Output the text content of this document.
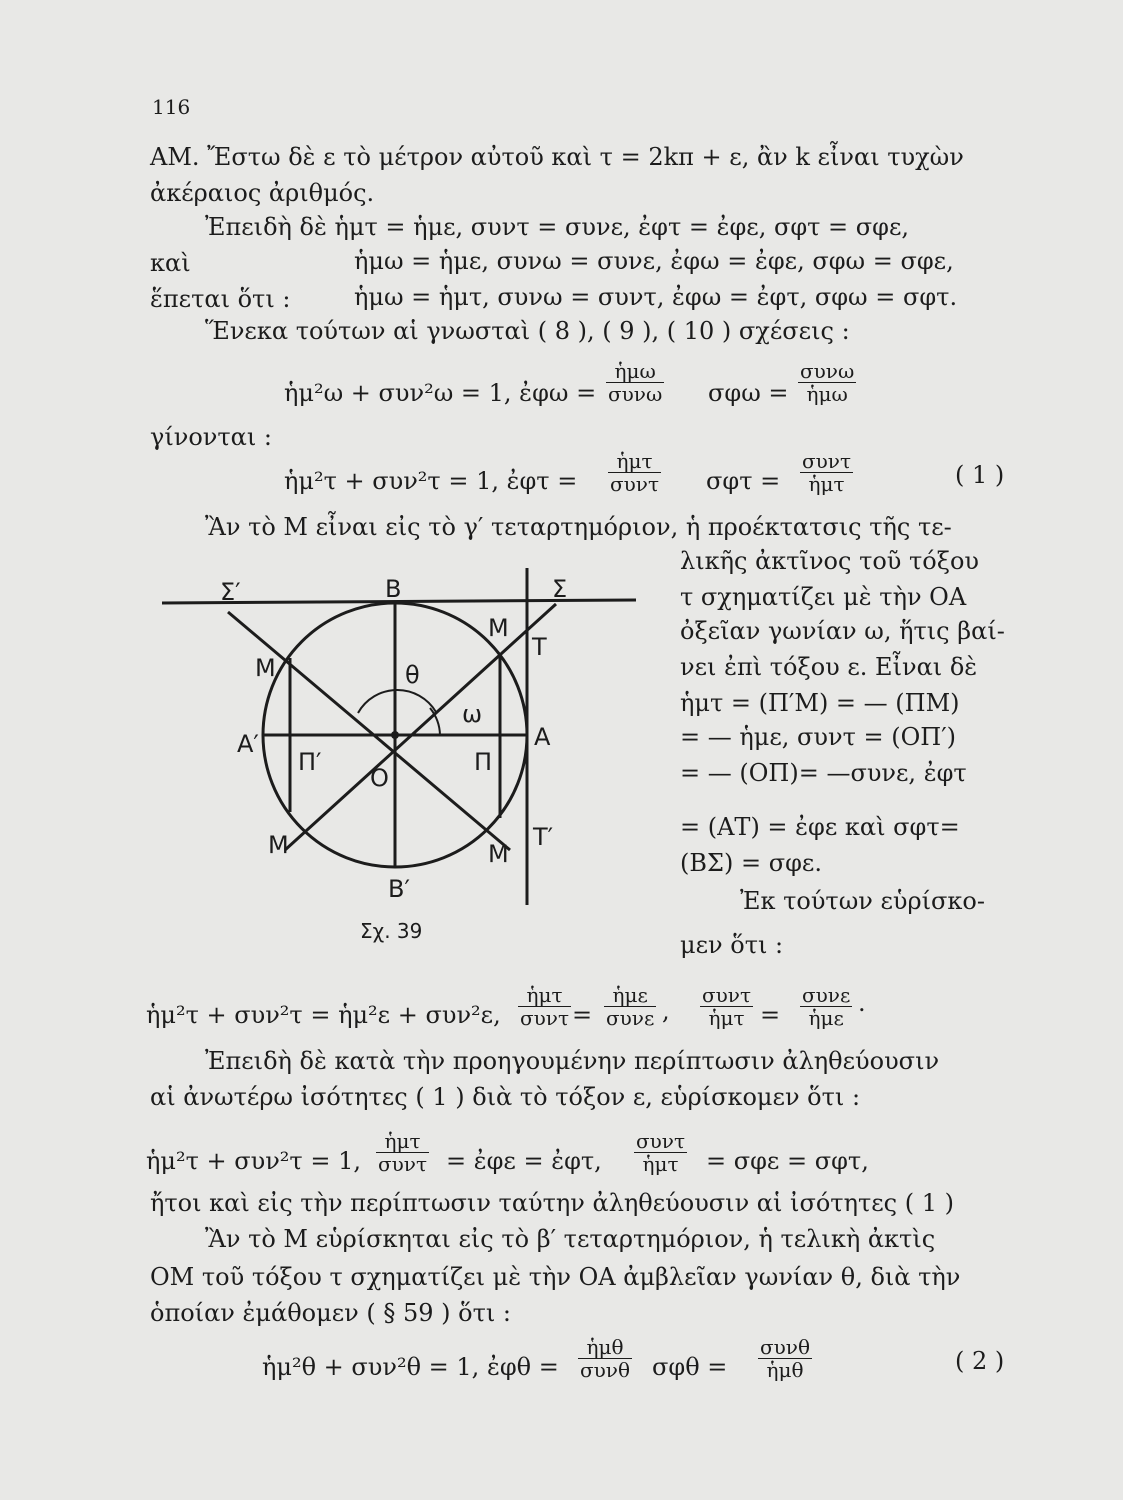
116
ΑΜ. Ἔστω δὲ ε τὸ μέτρον αὐτοῦ καὶ τ = 2kπ + ε, ἂν k εἶναι τυχὼν
ἀκέραιος ἀριθμός.
Ἐπειδὴ δὲ ἡμτ = ἡμε, συντ = συνε, ἐφτ = ἐφε, σφτ = σφε,
καὶ	ἡμω = ἡμε, συνω = συνε, ἐφω = ἐφε, σφω = σφε,
ἕπεται ὅτι :	ἡμω = ἡμτ, συνω = συντ, ἐφω = ἐφτ, σφω = σφτ.
Ἕνεκα τούτων αἱ γνωσταὶ ( 8 ), ( 9 ), ( 10 ) σχέσεις :
ἡμ²ω + συν²ω = 1, ἐφω =
ἡμω
συνω σφω =
συνω
ἡμω
γίνονται :
ἡμ²τ + συν²τ = 1, ἐφτ =
ἡμτ
συντ σφτ =
συντ
ἡμτ	( 1 )
Ἂν τὸ Μ εἶναι εἰς τὸ γ′ τεταρτημόριον, ἡ προέκτατσις τῆς τε-
λικῆς ἀκτῖνος τοῦ τόξου
τ σχηματίζει μὲ τὴν ΟΑ
ὀξεῖαν γωνίαν ω, ἥτις βαί-
νει ἐπὶ τόξου ε. Εἶναι δὲ
ἡμτ = (Π′Μ) = — (ΠΜ)
= — ἡμε, συντ = (ΟΠ′)
= — (ΟΠ)= —συνε, ἐφτ
= (ΑΤ) = ἐφε καὶ σφτ=
(ΒΣ) = σφε.
Ἐκ τούτων εὑρίσκο-
μεν ὅτι :
Σ′	Β	Σ
Μ
Τ
Μ	θ
ω
Α′
Π′	Π
Α
Ο
Μ	Μ
Τ′
Β′
Σχ. 39
ἡμ²τ + συν²τ = ἡμ²ε + συν²ε,
ἡμτ
συντ =
ἡμε
συνε ,
συντ
ἡμτ =
συνε
ἡμε
.
Ἐπειδὴ δὲ κατὰ τὴν προηγουμένην περίπτωσιν ἀληθεύουσιν
αἱ ἀνωτέρω ἰσότητες ( 1 ) διὰ τὸ τόξον ε, εὑρίσκομεν ὅτι :
ἡμ²τ + συν²τ = 1,
ἡμτ
συντ = ἐφε = ἐφτ,
συντ
ἡμτ	= σφε = σφτ,
ἤτοι καὶ εἰς τὴν περίπτωσιν ταύτην ἀληθεύουσιν αἱ ἰσότητες ( 1 )
Ἂν τὸ Μ εὑρίσκηται εἰς τὸ β′ τεταρτημόριον, ἡ τελικὴ ἀκτὶς
ΟΜ τοῦ τόξου τ σχηματίζει μὲ τὴν ΟΑ ἀμβλεῖαν γωνίαν θ, διὰ τὴν
ὁποίαν ἐμάθομεν ( § 59 ) ὅτι :
ἡμ²θ + συν²θ = 1, ἐφθ =
ἡμθ
συνθ σφθ =
συνθ
ἡμθ	( 2 )
